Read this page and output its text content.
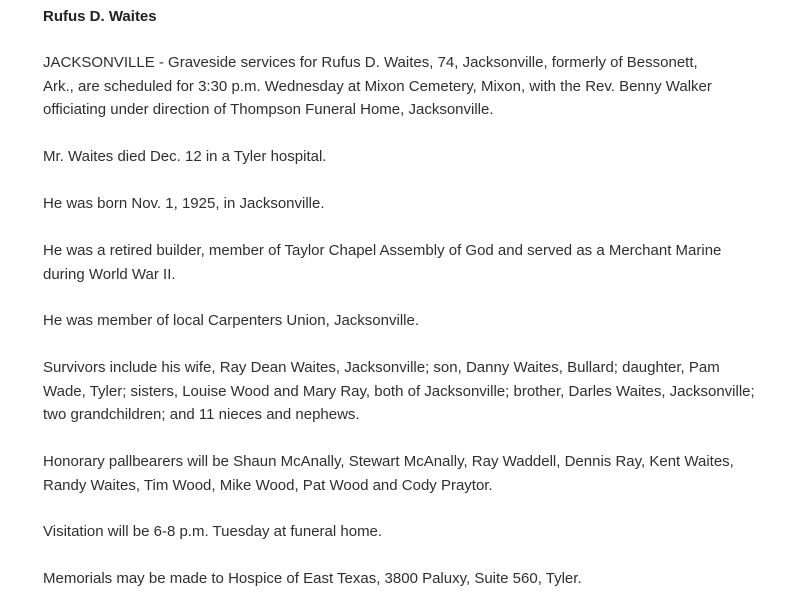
Rufus D. Waites

JACKSONVILLE - Graveside services for Rufus D. Waites, 74, Jacksonville, formerly of Bessonett,
Ark., are scheduled for 3:30 p.m. Wednesday at Mixon Cemetery, Mixon, with the Rev. Benny Walker
officiating under direction of Thompson Funeral Home, Jacksonville.

Mr. Waites died Dec. 12 in a Tyler hospital.

He was born Nov. 1, 1925, in Jacksonville.

He was a retired builder, member of Taylor Chapel Assembly of God and served as a Merchant Marine
during World War II.

He was member of local Carpenters Union, Jacksonville.

Survivors include his wife, Ray Dean Waites, Jacksonville; son, Danny Waites, Bullard; daughter, Pam
Wade, Tyler; sisters, Louise Wood and Mary Ray, both of Jacksonville; brother, Darles Waites, Jacksonville;
two grandchildren; and 11 nieces and nephews.

Honorary pallbearers will be Shaun McAnally, Stewart McAnally, Ray Waddell, Dennis Ray, Kent Waites,
Randy Waites, Tim Wood, Mike Wood, Pat Wood and Cody Praytor.

Visitation will be 6-8 p.m. Tuesday at funeral home.

Memorials may be made to Hospice of East Texas, 3800 Paluxy, Suite 560, Tyler.
